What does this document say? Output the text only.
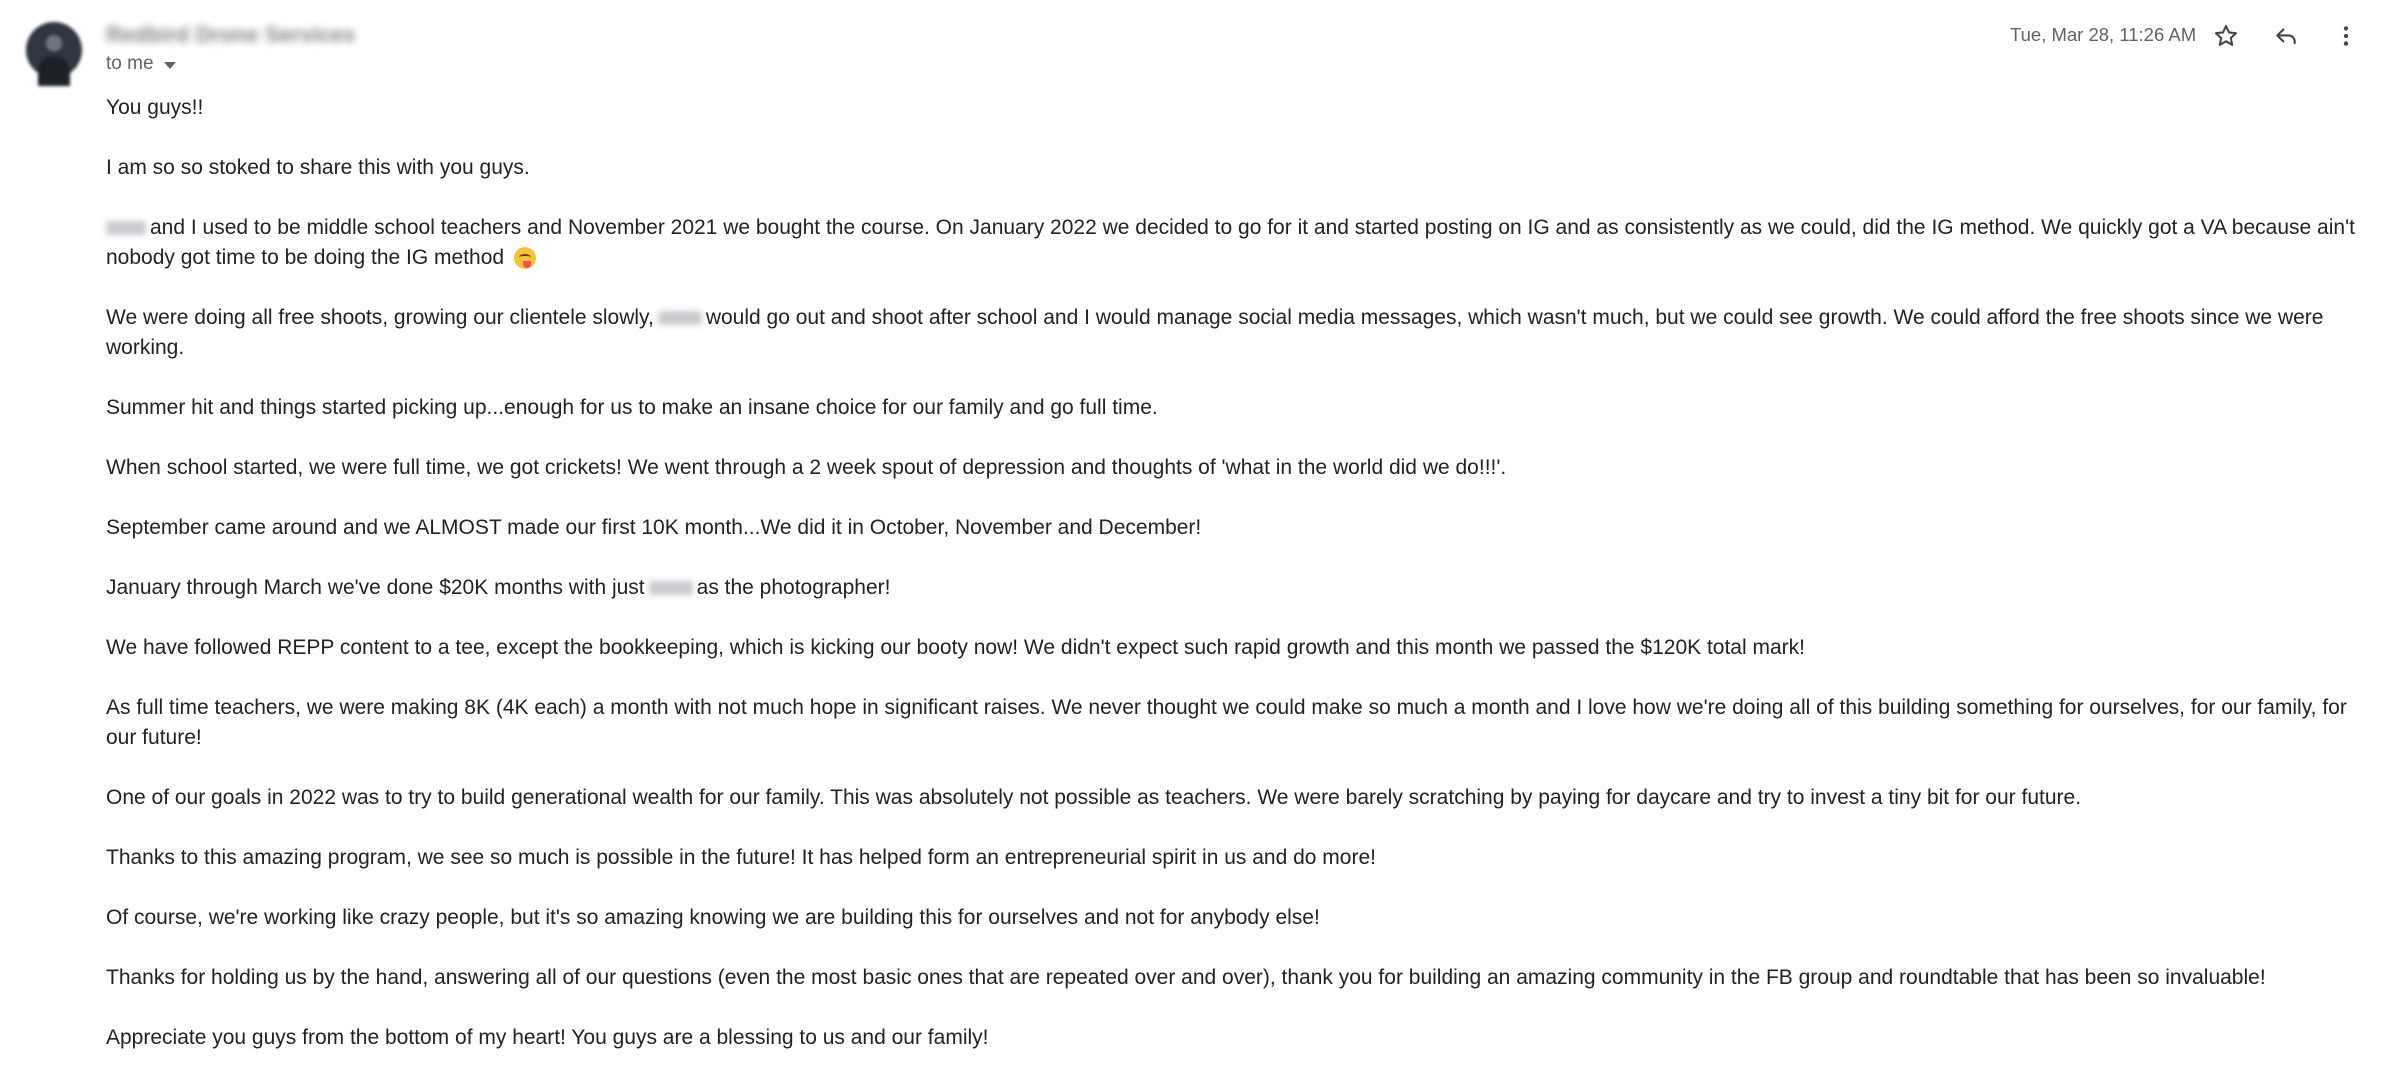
Redbird Drone Services
to me
Tue, Mar 28, 11:26 AM

You guys!!

I am so so stoked to share this with you guys.

and I used to be middle school teachers and November 2021 we bought the course. On January 2022 we decided to go for it and started posting on IG and as consistently as we could, did the IG method. We quickly got a VA because ain't nobody got time to be doing the IG method

We were doing all free shoots, growing our clientele slowly, would go out and shoot after school and I would manage social media messages, which wasn't much, but we could see growth. We could afford the free shoots since we were working.

Summer hit and things started picking up...enough for us to make an insane choice for our family and go full time.

When school started, we were full time, we got crickets! We went through a 2 week spout of depression and thoughts of 'what in the world did we do!!!'.

September came around and we ALMOST made our first 10K month...We did it in October, November and December!

January through March we've done $20K months with just as the photographer!

We have followed REPP content to a tee, except the bookkeeping, which is kicking our booty now! We didn't expect such rapid growth and this month we passed the $120K total mark!

As full time teachers, we were making 8K (4K each) a month with not much hope in significant raises. We never thought we could make so much a month and I love how we're doing all of this building something for ourselves, for our family, for our future!

One of our goals in 2022 was to try to build generational wealth for our family. This was absolutely not possible as teachers. We were barely scratching by paying for daycare and try to invest a tiny bit for our future.

Thanks to this amazing program, we see so much is possible in the future! It has helped form an entrepreneurial spirit in us and do more!

Of course, we're working like crazy people, but it's so amazing knowing we are building this for ourselves and not for anybody else!

Thanks for holding us by the hand, answering all of our questions (even the most basic ones that are repeated over and over), thank you for building an amazing community in the FB group and roundtable that has been so invaluable!

Appreciate you guys from the bottom of my heart! You guys are a blessing to us and our family!
